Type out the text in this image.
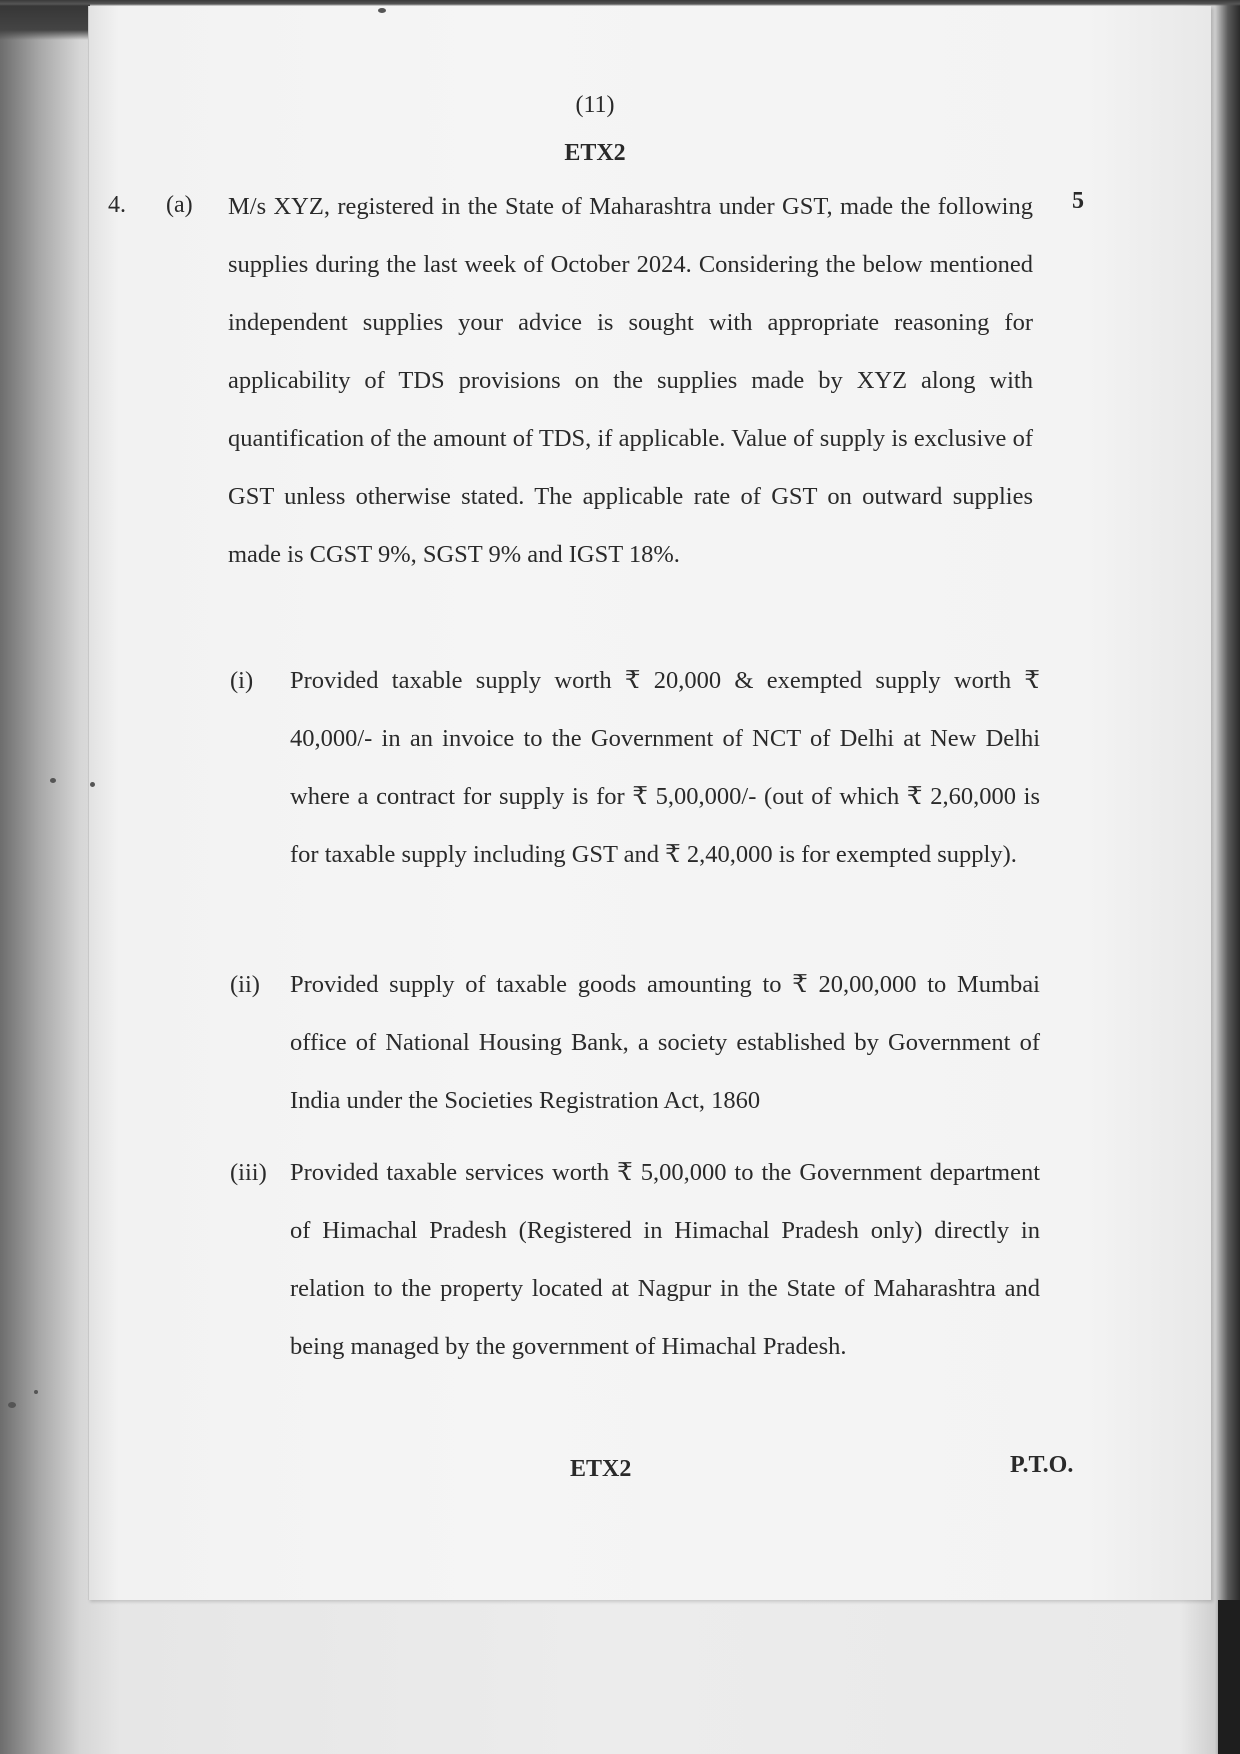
(11)
ETX2
4. (a)	5
M/s XYZ, registered in the State of Maharashtra under GST, made the following supplies during the last week of October 2024. Considering the below mentioned independent supplies your advice is sought with appropriate reasoning for applicability of TDS provisions on the supplies made by XYZ along with quantification of the amount of TDS, if applicable. Value of supply is exclusive of GST unless otherwise stated. The applicable rate of GST on outward supplies made is CGST 9%, SGST 9% and IGST 18%.
(i) Provided taxable supply worth ₹ 20,000 & exempted supply worth ₹ 40,000/- in an invoice to the Government of NCT of Delhi at New Delhi where a contract for supply is for ₹ 5,00,000/- (out of which ₹ 2,60,000 is for taxable supply including GST and ₹ 2,40,000 is for exempted supply).
(ii) Provided supply of taxable goods amounting to ₹ 20,00,000 to Mumbai office of National Housing Bank, a society established by Government of India under the Societies Registration Act, 1860
(iii) Provided taxable services worth ₹ 5,00,000 to the Government department of Himachal Pradesh (Registered in Himachal Pradesh only) directly in relation to the property located at Nagpur in the State of Maharashtra and being managed by the government of Himachal Pradesh.
ETX2	P.T.O.
